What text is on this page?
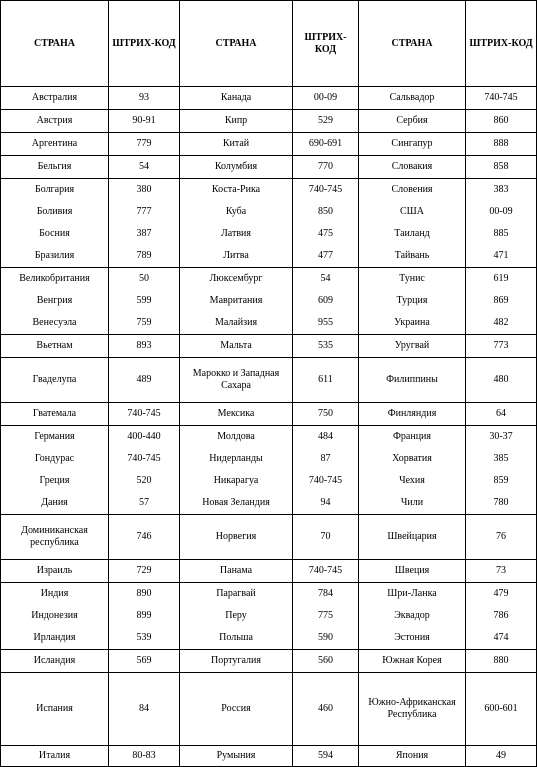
СТРАНА	ШТРИХ-КОД	СТРАНА	ШТРИХ-КОД	СТРАНА	ШТРИХ-КОД
Австралия	93	Канада	00-09	Сальвадор	740-745
Австрия	90-91	Кипр	529	Сербия	860
Аргентина	779	Китай	690-691	Сингапур	888
Бельгия	54	Колумбия	770	Словакия	858
Болгария	380	Коста-Рика	740-745	Словения	383
Боливия	777	Куба	850	США	00-09
Босния	387	Латвия	475	Таиланд	885
Бразилия	789	Литва	477	Тайвань	471
Великобритания	50	Люксембург	54	Тунис	619
Венгрия	599	Мавритания	609	Турция	869
Венесуэла	759	Малайзия	955	Украина	482
Вьетнам	893	Мальта	535	Уругвай	773
Гваделупа	489	Марокко и Западная Сахара	611	Филиппины	480
Гватемала	740-745	Мексика	750	Финляндия	64
Германия	400-440	Молдова	484	Франция	30-37
Гондурас	740-745	Нидерланды	87	Хорватия	385
Греция	520	Никарагуа	740-745	Чехия	859
Дания	57	Новая Зеландия	94	Чили	780
Доминиканская республика	746	Норвегия	70	Швейцария	76
Израиль	729	Панама	740-745	Швеция	73
Индия	890	Парагвай	784	Шри-Ланка	479
Индонезия	899	Перу	775	Эквадор	786
Ирландия	539	Польша	590	Эстония	474
Исландия	569	Португалия	560	Южная Корея	880
Испания	84	Россия	460	Южно-Африканская Республика	600-601
Италия	80-83	Румыния	594	Япония	49
